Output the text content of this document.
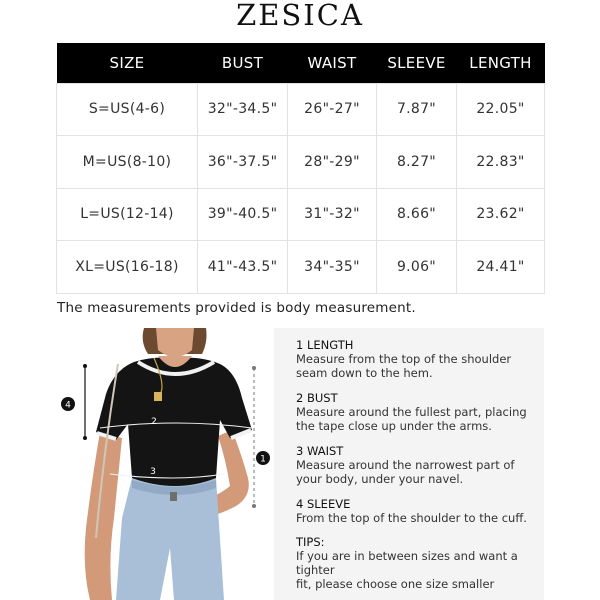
ZESICA
SIZE	BUST	WAIST	SLEEVE	LENGTH
S=US(4-6)	32"-34.5"	26"-27"	7.87"	22.05"
M=US(8-10)	36"-37.5"	28"-29"	8.27"	22.83"
L=US(12-14)	39"-40.5"	31"-32"	8.66"	23.62"
XL=US(16-18)	41"-43.5"	34"-35"	9.06"	24.41"
The measurements provided is body measurement.
4
2
3
1
1 LENGTH
Measure from the top of the shoulder
seam down to the hem.
2 BUST
Measure around the fullest part, placing
the tape close up under the arms.
3 WAIST
Measure around the narrowest part of
your body, under your navel.
4 SLEEVE
From the top of the shoulder to the cuff.
TIPS:
If you are in between sizes and want a tighter
fit, please choose one size smaller
